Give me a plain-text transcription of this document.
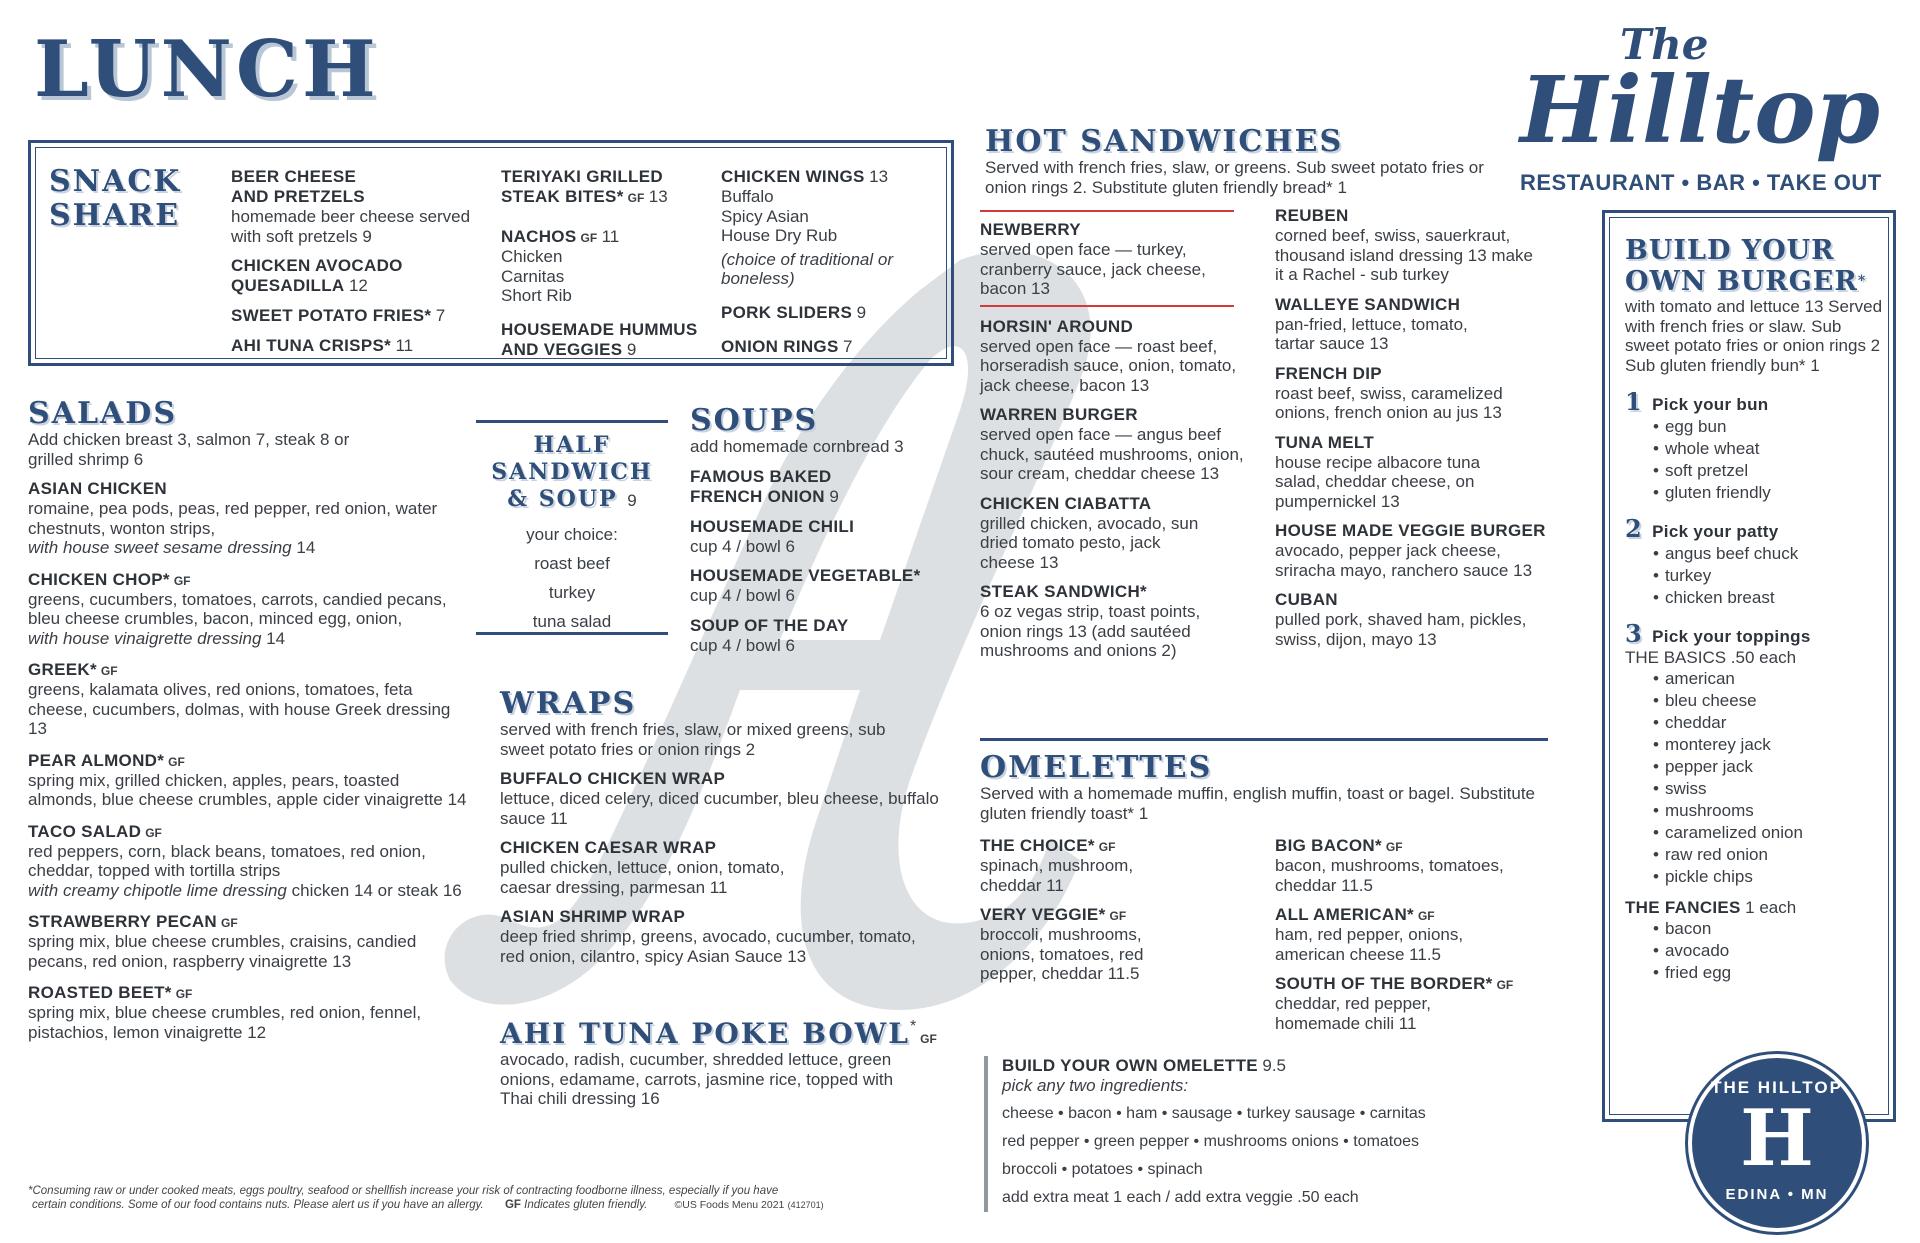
LUNCH	The
Hilltop
RESTAURANT • BAR • TAKE OUT
SNACK
SHARE
BEER CHEESE AND PRETZELS
homemade beer cheese served with soft pretzels 9
CHICKEN AVOCADO QUESADILLA 12
SWEET POTATO FRIES* 7
AHI TUNA CRISPS* 11
TERIYAKI GRILLED STEAK BITES* GF 13
NACHOS GF 11
Chicken
Carnitas
Short Rib
HOUSEMADE HUMMUS AND VEGGIES 9
CHICKEN WINGS 13
Buffalo
Spicy Asian
House Dry Rub
(choice of traditional or boneless)
PORK SLIDERS 9
ONION RINGS 7
SALADS
Add chicken breast 3, salmon 7, steak 8 or grilled shrimp 6
ASIAN CHICKEN
romaine, pea pods, peas, red pepper, red onion, water chestnuts, wonton strips,
with house sweet sesame dressing 14
CHICKEN CHOP* GF
greens, cucumbers, tomatoes, carrots, candied pecans, bleu cheese crumbles, bacon, minced egg, onion,
with house vinaigrette dressing 14
GREEK* GF
greens, kalamata olives, red onions, tomatoes, feta cheese, cucumbers, dolmas, with house Greek dressing 13
PEAR ALMOND* GF
spring mix, grilled chicken, apples, pears, toasted almonds, blue cheese crumbles, apple cider vinaigrette 14
TACO SALAD GF
red peppers, corn, black beans, tomatoes, red onion, cheddar, topped with tortilla strips
with creamy chipotle lime dressing chicken 14 or steak 16
STRAWBERRY PECAN GF
spring mix, blue cheese crumbles, craisins, candied pecans, red onion, raspberry vinaigrette 13
ROASTED BEET* GF
spring mix, blue cheese crumbles, red onion, fennel, pistachios, lemon vinaigrette 12
HALF
SANDWICH
& SOUP 9
your choice:
roast beef
turkey
tuna salad
SOUPS
add homemade cornbread 3
FAMOUS BAKED FRENCH ONION 9
HOUSEMADE CHILI
cup 4 / bowl 6
HOUSEMADE VEGETABLE*
cup 4 / bowl 6
SOUP OF THE DAY
cup 4 / bowl 6
WRAPS
served with french fries, slaw, or mixed greens, sub sweet potato fries or onion rings 2
BUFFALO CHICKEN WRAP
lettuce, diced celery, diced cucumber, bleu cheese, buffalo sauce 11
CHICKEN CAESAR WRAP
pulled chicken, lettuce, onion, tomato, caesar dressing, parmesan 11
ASIAN SHRIMP WRAP
deep fried shrimp, greens, avocado, cucumber, tomato, red onion, cilantro, spicy Asian Sauce 13
AHI TUNA POKE BOWL*GF
avocado, radish, cucumber, shredded lettuce, green onions, edamame, carrots, jasmine rice, topped with Thai chili dressing 16
HOT SANDWICHES
Served with french fries, slaw, or greens. Sub sweet potato fries or onion rings 2. Substitute gluten friendly bread* 1
NEWBERRY
served open face — turkey, cranberry sauce, jack cheese, bacon 13
HORSIN' AROUND
served open face — roast beef, horseradish sauce, onion, tomato, jack cheese, bacon 13
WARREN BURGER
served open face — angus beef chuck, sautéed mushrooms, onion, sour cream, cheddar cheese 13
CHICKEN CIABATTA
grilled chicken, avocado, sun dried tomato pesto, jack cheese 13
STEAK SANDWICH*
6 oz vegas strip, toast points, onion rings 13 (add sautéed mushrooms and onions 2)
REUBEN
corned beef, swiss, sauerkraut, thousand island dressing 13 make it a Rachel - sub turkey
WALLEYE SANDWICH
pan-fried, lettuce, tomato, tartar sauce 13
FRENCH DIP
roast beef, swiss, caramelized onions, french onion au jus 13
TUNA MELT
house recipe albacore tuna salad, cheddar cheese, on pumpernickel 13
HOUSE MADE VEGGIE BURGER
avocado, pepper jack cheese, sriracha mayo, ranchero sauce 13
CUBAN
pulled pork, shaved ham, pickles, swiss, dijon, mayo 13
OMELETTES
Served with a homemade muffin, english muffin, toast or bagel. Substitute gluten friendly toast* 1
THE CHOICE* GF
spinach, mushroom, cheddar 11
VERY VEGGIE* GF
broccoli, mushrooms, onions, tomatoes, red pepper, cheddar 11.5
BIG BACON* GF
bacon, mushrooms, tomatoes, cheddar 11.5
ALL AMERICAN* GF
ham, red pepper, onions, american cheese 11.5
SOUTH OF THE BORDER* GF
cheddar, red pepper, homemade chili 11
BUILD YOUR OWN OMELETTE 9.5
pick any two ingredients:
cheese • bacon • ham • sausage • turkey sausage • carnitas
red pepper • green pepper • mushrooms onions • tomatoes
broccoli • potatoes • spinach
add extra meat 1 each / add extra veggie .50 each
BUILD YOUR
OWN BURGER*
with tomato and lettuce 13 Served with french fries or slaw. Sub sweet potato fries or onion rings 2 Sub gluten friendly bun* 1
1 Pick your bun
• egg bun
• whole wheat
• soft pretzel
• gluten friendly
2 Pick your patty
• angus beef chuck
• turkey
• chicken breast
3 Pick your toppings
THE BASICS .50 each
• american
• bleu cheese
• cheddar
• monterey jack
• pepper jack
• swiss
• mushrooms
• caramelized onion
• raw red onion
• pickle chips
THE FANCIES 1 each
• bacon
• avocado
• fried egg
THE HILLTOP
H
EDINA • MN
*Consuming raw or under cooked meats, eggs poultry, seafood or shellfish increase your risk of contracting foodborne illness, especially if you have
certain conditions. Some of our food contains nuts. Please alert us if you have an allergy. GF Indicates gluten friendly.	©US Foods Menu 2021 (412701)
